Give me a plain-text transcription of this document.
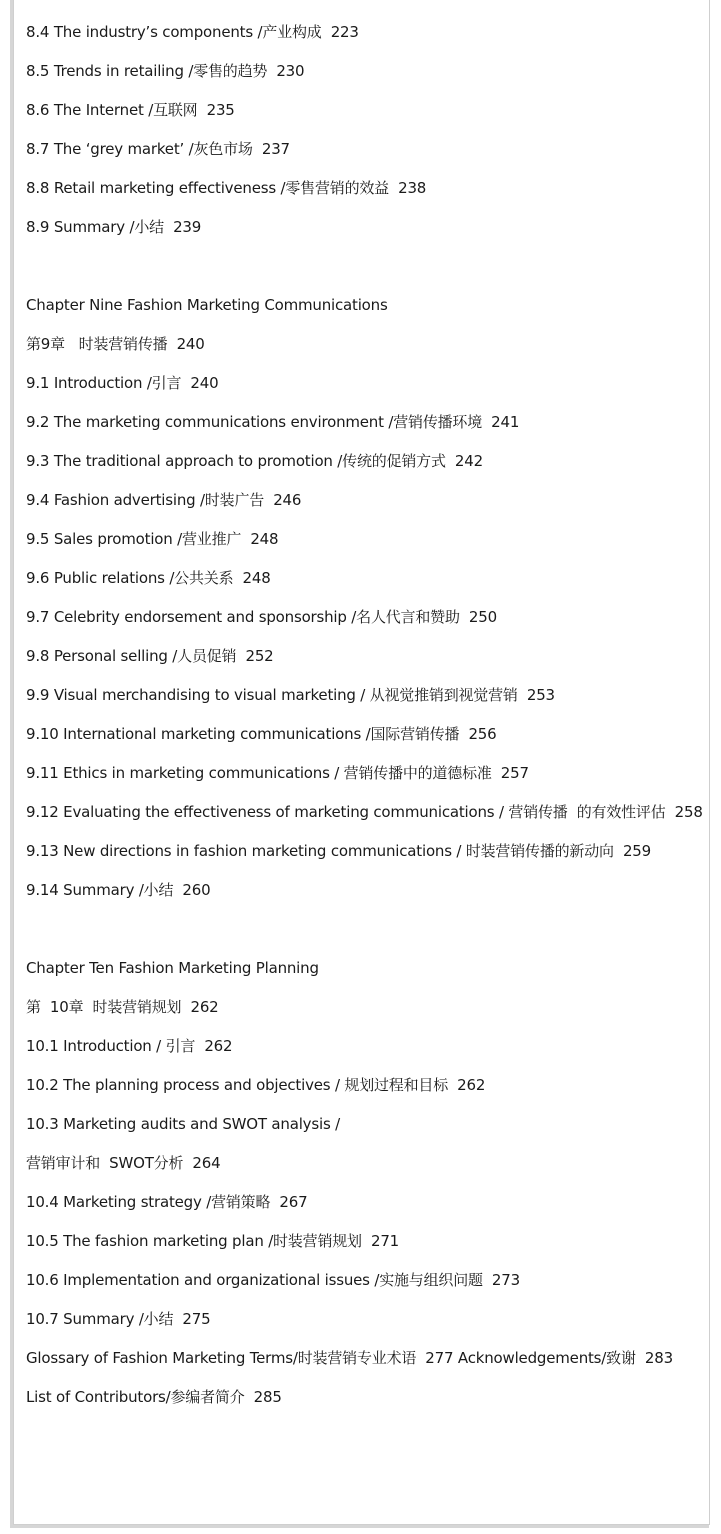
8.4 The industry’s components /产业构成  223
8.5 Trends in retailing /零售的趋势  230
8.6 The Internet /互联网  235
8.7 The ‘grey market’ /灰色市场  237
8.8 Retail marketing effectiveness /零售营销的效益  238
8.9 Summary /小结  239
Chapter Nine Fashion Marketing Communications
第9章   时装营销传播  240
9.1 Introduction /引言  240
9.2 The marketing communications environment /营销传播环境  241
9.3 The traditional approach to promotion /传统的促销方式  242
9.4 Fashion advertising /时装广告  246
9.5 Sales promotion /营业推广  248
9.6 Public relations /公共关系  248
9.7 Celebrity endorsement and sponsorship /名人代言和赞助  250
9.8 Personal selling /人员促销  252
9.9 Visual merchandising to visual marketing / 从视觉推销到视觉营销  253
9.10 International marketing communications /国际营销传播  256
9.11 Ethics in marketing communications / 营销传播中的道德标准  257
9.12 Evaluating the effectiveness of marketing communications / 营销传播  的有效性评估  258
9.13 New directions in fashion marketing communications / 时装营销传播的新动向  259
9.14 Summary /小结  260
Chapter Ten Fashion Marketing Planning
第  10章  时装营销规划  262
10.1 Introduction / 引言  262
10.2 The planning process and objectives / 规划过程和目标  262
10.3 Marketing audits and SWOT analysis /
营销审计和  SWOT分析  264
10.4 Marketing strategy /营销策略  267
10.5 The fashion marketing plan /时装营销规划  271
10.6 Implementation and organizational issues /实施与组织问题  273
10.7 Summary /小结  275
Glossary of Fashion Marketing Terms/时装营销专业术语  277 Acknowledgements/致谢  283
List of Contributors/参编者简介  285
